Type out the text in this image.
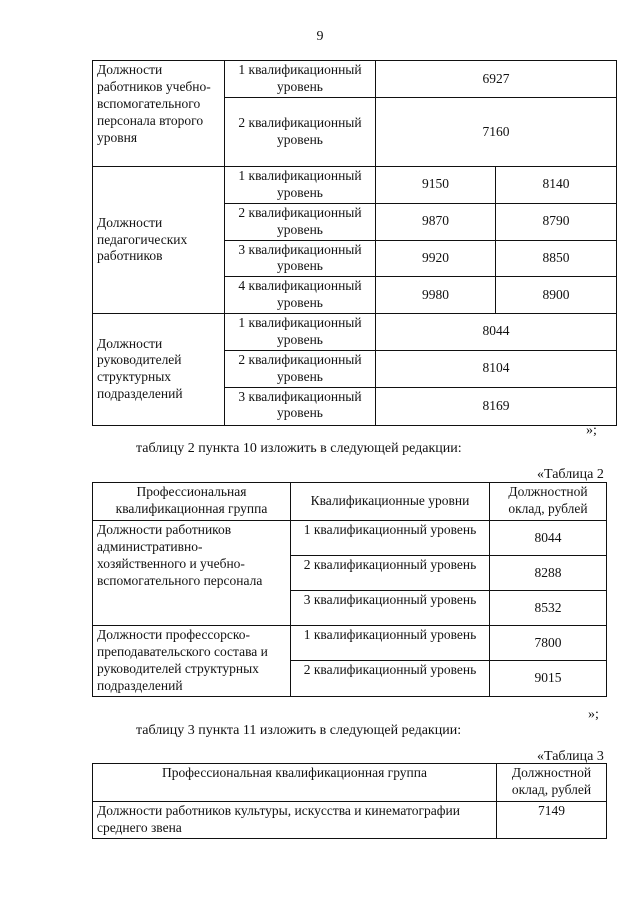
9
Должности работников учебно-вспомогательного персонала второго уровня	1 квалификационный уровень	6927	
	2 квалификационный уровень	7160	
Должности педагогических работников	1 квалификационный уровень	9150	8140
	2 квалификационный уровень	9870	8790
	3 квалификационный уровень	9920	8850
	4 квалификационный уровень	9980	8900
Должности руководителей структурных подразделений	1 квалификационный уровень	8044	
	2 квалификационный уровень	8104	
	3 квалификационный уровень	8169	
»;
таблицу 2 пункта 10 изложить в следующей редакции:
«Таблица 2
Профессиональная квалификационная группа	Квалификационные уровни	Должностной оклад, рублей
Должности работников административно-хозяйственного и учебно-вспомогательного персонала	1 квалификационный уровень	8044
	2 квалификационный уровень	8288
	3 квалификационный уровень	8532
Должности профессорско-преподавательского состава и руководителей структурных подразделений	1 квалификационный уровень	7800
	2 квалификационный уровень	9015
»;
таблицу 3 пункта 11 изложить в следующей редакции:
«Таблица 3
Профессиональная квалификационная группа	Должностной оклад, рублей
Должности работников культуры, искусства и кинематографии среднего звена	7149
